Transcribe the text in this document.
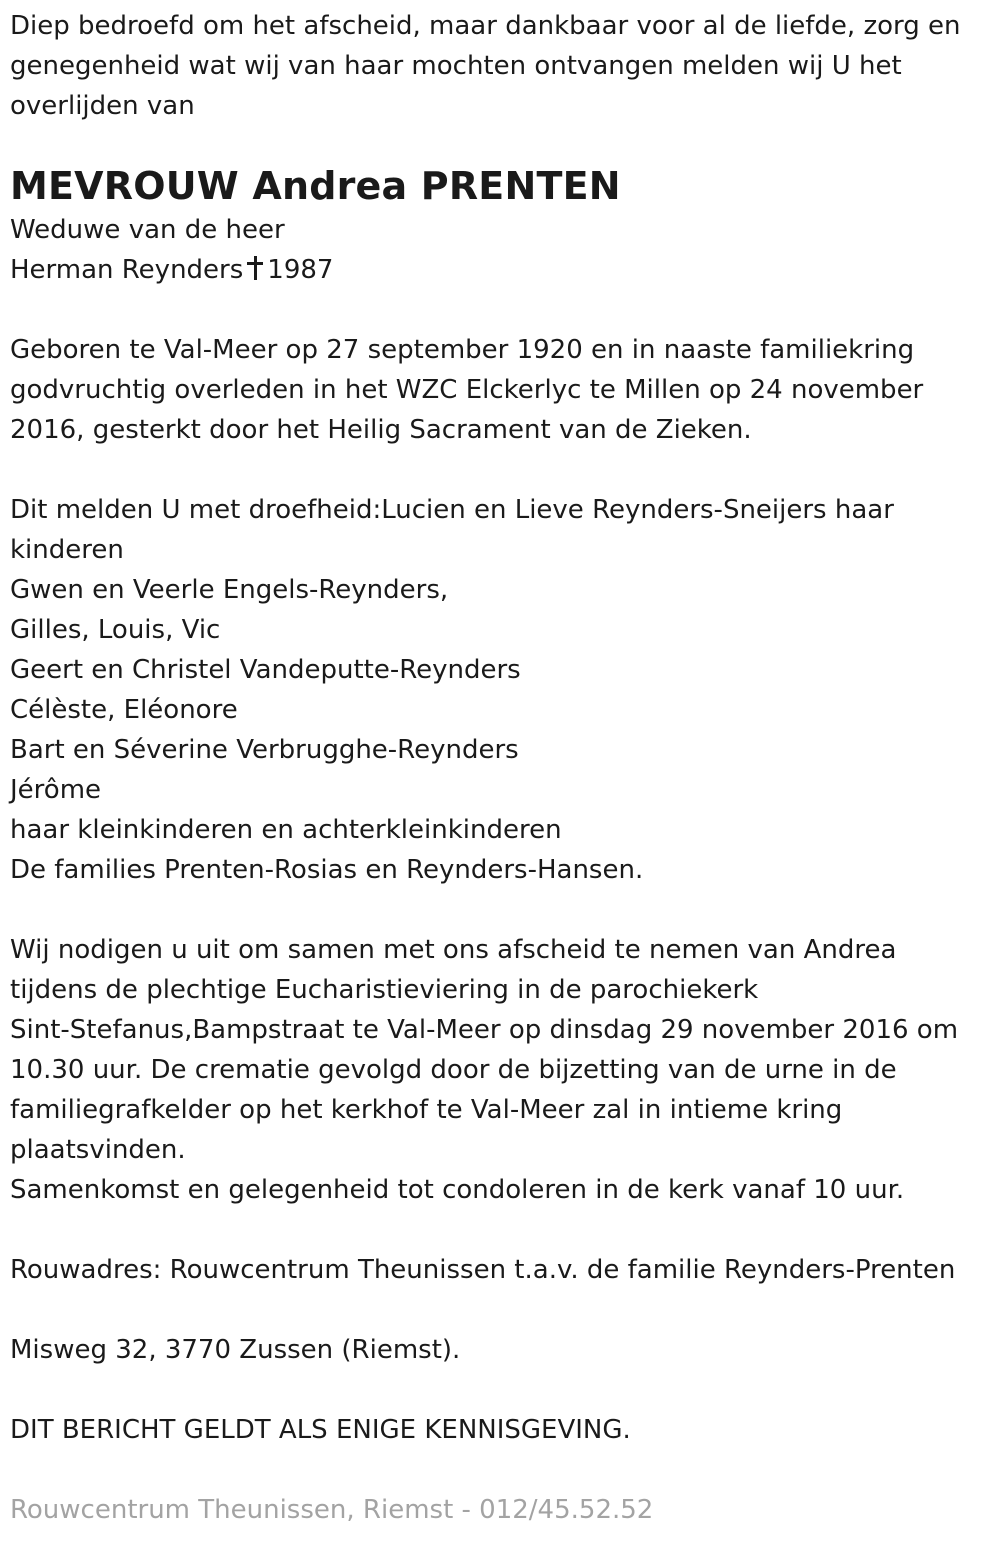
Diep bedroefd om het afscheid, maar dankbaar voor al de liefde, zorg en
genegenheid wat wij van haar mochten ontvangen melden wij U het
overlijden van
MEVROUW Andrea PRENTEN
Weduwe van de heer
Herman Reynders 1987
Geboren te Val-Meer op 27 september 1920 en in naaste familiekring
godvruchtig overleden in het WZC Elckerlyc te Millen op 24 november
2016, gesterkt door het Heilig Sacrament van de Zieken.
Dit melden U met droefheid:Lucien en Lieve Reynders-Sneijers haar
kinderen
Gwen en Veerle Engels-Reynders,
Gilles, Louis, Vic
Geert en Christel Vandeputte-Reynders
Célèste, Eléonore
Bart en Séverine Verbrugghe-Reynders
Jérôme
haar kleinkinderen en achterkleinkinderen
De families Prenten-Rosias en Reynders-Hansen.
Wij nodigen u uit om samen met ons afscheid te nemen van Andrea
tijdens de plechtige Eucharistieviering in de parochiekerk
Sint-Stefanus,Bampstraat te Val-Meer op dinsdag 29 november 2016 om
10.30 uur. De crematie gevolgd door de bijzetting van de urne in de
familiegrafkelder op het kerkhof te Val-Meer zal in intieme kring
plaatsvinden.
Samenkomst en gelegenheid tot condoleren in de kerk vanaf 10 uur.
Rouwadres: Rouwcentrum Theunissen t.a.v. de familie Reynders-Prenten
Misweg 32, 3770 Zussen (Riemst).
DIT BERICHT GELDT ALS ENIGE KENNISGEVING.
Rouwcentrum Theunissen, Riemst - 012/45.52.52
